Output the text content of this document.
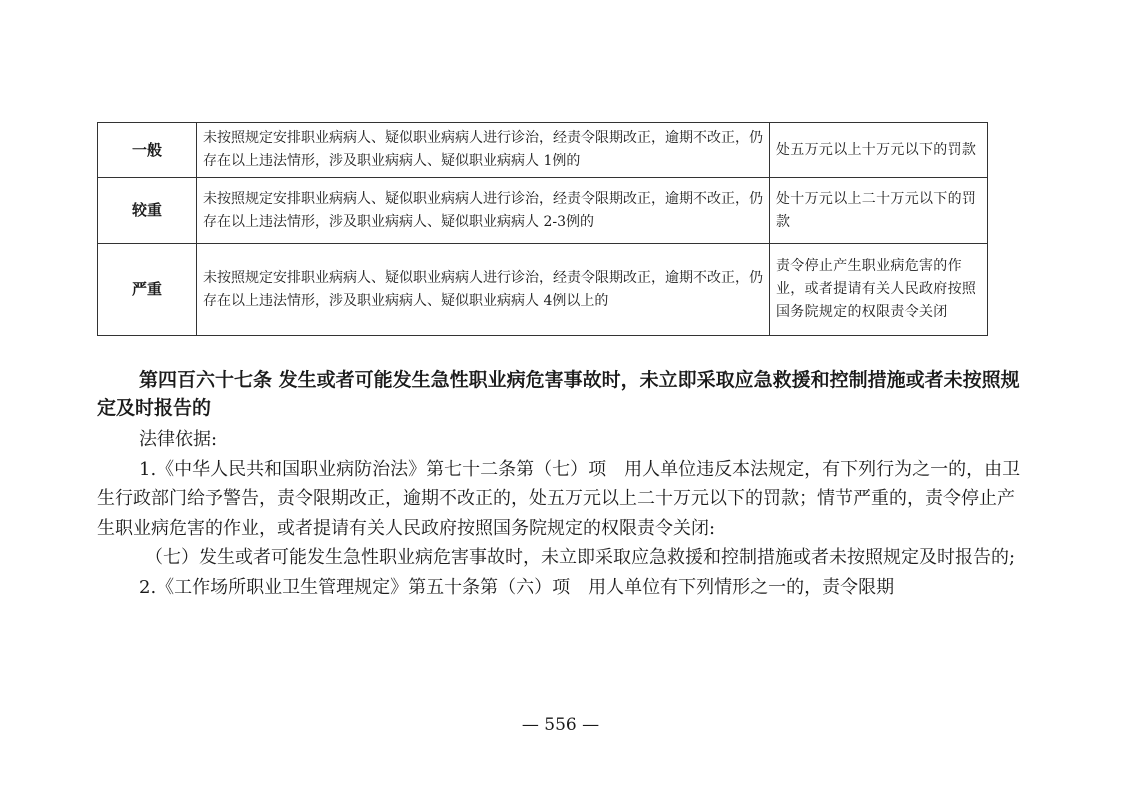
一般	未按照规定安排职业病病人、疑似职业病病人进行诊治，经责令限期改正，逾期不改正，仍存在以上违法情形，涉及职业病病人、疑似职业病病人 1例的	处五万元以上十万元以下的罚款
较重	未按照规定安排职业病病人、疑似职业病病人进行诊治，经责令限期改正，逾期不改正，仍存在以上违法情形，涉及职业病病人、疑似职业病病人 2-3例的	处十万元以上二十万元以下的罚款
严重	未按照规定安排职业病病人、疑似职业病病人进行诊治，经责令限期改正，逾期不改正，仍存在以上违法情形，涉及职业病病人、疑似职业病病人 4例以上的	责令停止产生职业病危害的作业，或者提请有关人民政府按照国务院规定的权限责令关闭
第四百六十七条 发生或者可能发生急性职业病危害事故时，未立即采取应急救援和控制措施或者未按照规定及时报告的

法律依据:

1.《中华人民共和国职业病防治法》第七十二条第（七）项　用人单位违反本法规定，有下列行为之一的，由卫生行政部门给予警告，责令限期改正，逾期不改正的，处五万元以上二十万元以下的罚款；情节严重的，责令停止产生职业病危害的作业，或者提请有关人民政府按照国务院规定的权限责令关闭:

（七）发生或者可能发生急性职业病危害事故时，未立即采取应急救援和控制措施或者未按照规定及时报告的;

2.《工作场所职业卫生管理规定》第五十条第（六）项　用人单位有下列情形之一的，责令限期

— 556 —
